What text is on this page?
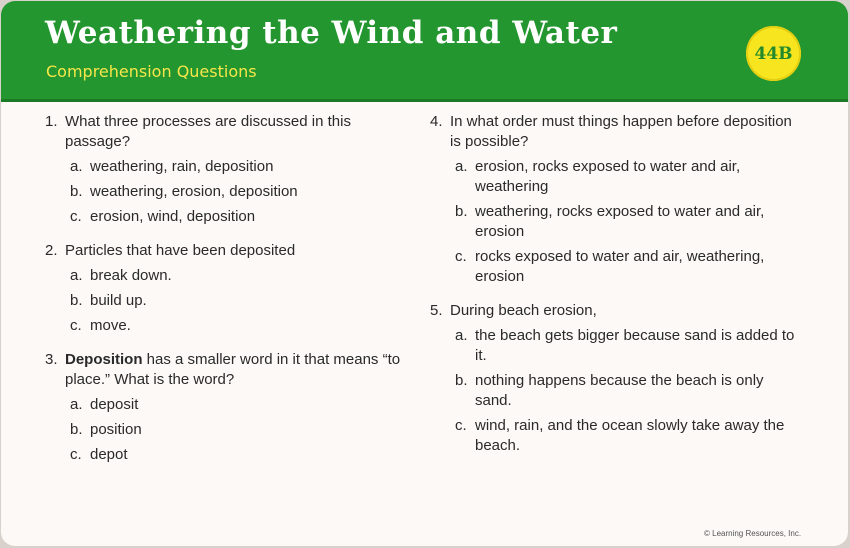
Weathering the Wind and Water
Comprehension Questions
44B
1. What three processes are discussed in this passage?
a. weathering, rain, deposition
b. weathering, erosion, deposition
c. erosion, wind, deposition
2. Particles that have been deposited
a. break down.
b. build up.
c. move.
3. Deposition has a smaller word in it that means “to place.” What is the word?
a. deposit
b. position
c. depot
4. In what order must things happen before deposition is possible?
a. erosion, rocks exposed to water and air, weathering
b. weathering, rocks exposed to water and air, erosion
c. rocks exposed to water and air, weathering, erosion
5. During beach erosion,
a. the beach gets bigger because sand is added to it.
b. nothing happens because the beach is only sand.
c. wind, rain, and the ocean slowly take away the beach.
© Learning Resources, Inc.
